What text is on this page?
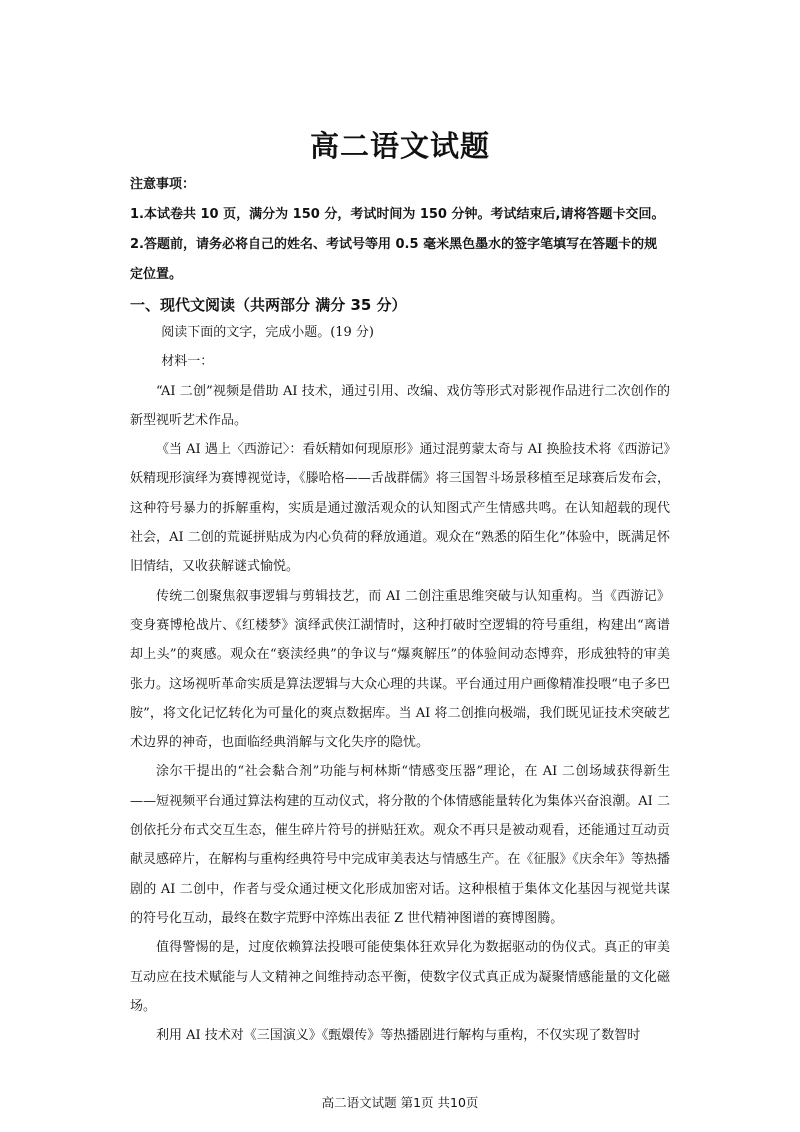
高二语文试题
注意事项：
1.本试卷共 10 页，满分为 150 分，考试时间为 150 分钟。考试结束后,请将答题卡交回。
2.答题前，请务必将自己的姓名、考试号等用 0.5 毫米黑色墨水的签字笔填写在答题卡的规定位置。
一、现代文阅读（共两部分 满分 35 分）

阅读下面的文字，完成小题。(19 分)

材料一：

“AI 二创”视频是借助 AI 技术，通过引用、改编、戏仿等形式对影视作品进行二次创作的新型视听艺术作品。

《当 AI 遇上〈西游记〉：看妖精如何现原形》通过混剪蒙太奇与 AI 换脸技术将《西游记》妖精现形演绎为赛博视觉诗，《滕哈格——舌战群儒》将三国智斗场景移植至足球赛后发布会，这种符号暴力的拆解重构，实质是通过激活观众的认知图式产生情感共鸣。在认知超载的现代社会，AI 二创的荒诞拼贴成为内心负荷的释放通道。观众在“熟悉的陌生化”体验中，既满足怀旧情结，又收获解谜式愉悦。

传统二创聚焦叙事逻辑与剪辑技艺，而 AI 二创注重思维突破与认知重构。当《西游记》变身赛博枪战片、《红楼梦》演绎武侠江湖情时，这种打破时空逻辑的符号重组，构建出“离谱却上头”的爽感。观众在“亵渎经典”的争议与“爆爽解压”的体验间动态博弈，形成独特的审美张力。这场视听革命实质是算法逻辑与大众心理的共谋。平台通过用户画像精准投喂“电子多巴胺”，将文化记忆转化为可量化的爽点数据库。当 AI 将二创推向极端，我们既见证技术突破艺术边界的神奇，也面临经典消解与文化失序的隐忧。

涂尔干提出的“社会黏合剂”功能与柯林斯“情感变压器”理论，在 AI 二创场域获得新生——短视频平台通过算法构建的互动仪式，将分散的个体情感能量转化为集体兴奋浪潮。AI 二创依托分布式交互生态，催生碎片符号的拼贴狂欢。观众不再只是被动观看，还能通过互动贡献灵感碎片，在解构与重构经典符号中完成审美表达与情感生产。在《征服》《庆余年》等热播剧的 AI 二创中，作者与受众通过梗文化形成加密对话。这种根植于集体文化基因与视觉共谋的符号化互动，最终在数字荒野中淬炼出表征 Z 世代精神图谱的赛博图腾。

值得警惕的是，过度依赖算法投喂可能使集体狂欢异化为数据驱动的伪仪式。真正的审美互动应在技术赋能与人文精神之间维持动态平衡，使数字仪式真正成为凝聚情感能量的文化磁场。

利用 AI 技术对《三国演义》《甄嬛传》等热播剧进行解构与重构，不仅实现了数智时

高二语文试题 第1页 共10页
